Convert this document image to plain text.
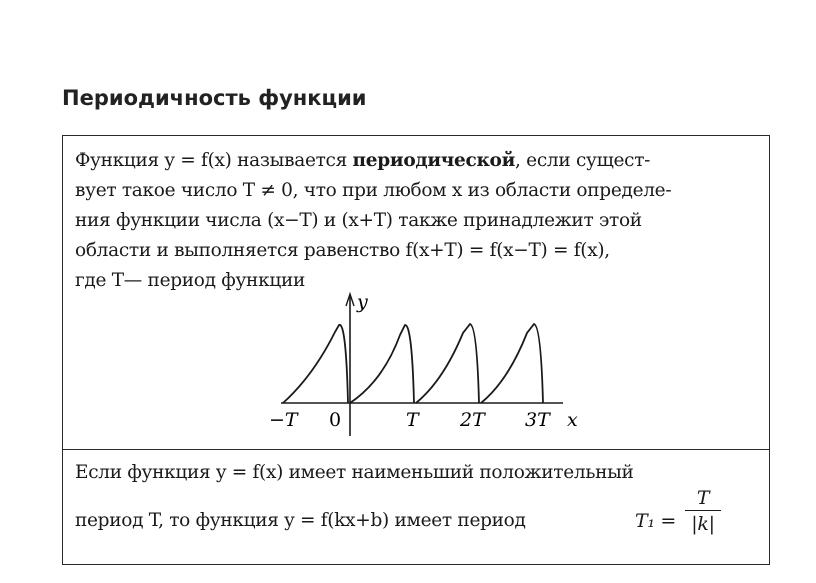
Периодичность функции
Функция y = f(x) называется периодической, если сущест-
вует такое число T ≠ 0, что при любом x из области определе-
ния функции числа (x−T) и (x+T) также принадлежит этой
области и выполняется равенство f(x+T) = f(x−T) = f(x),
где T— период функции
y
x
−T 0	T 2T 3T
Если функция y = f(x) имеет наименьший положительный
период T, то функция y = f(kx+b) имеет период	$T_1 = \frac{T}{|k|}$
